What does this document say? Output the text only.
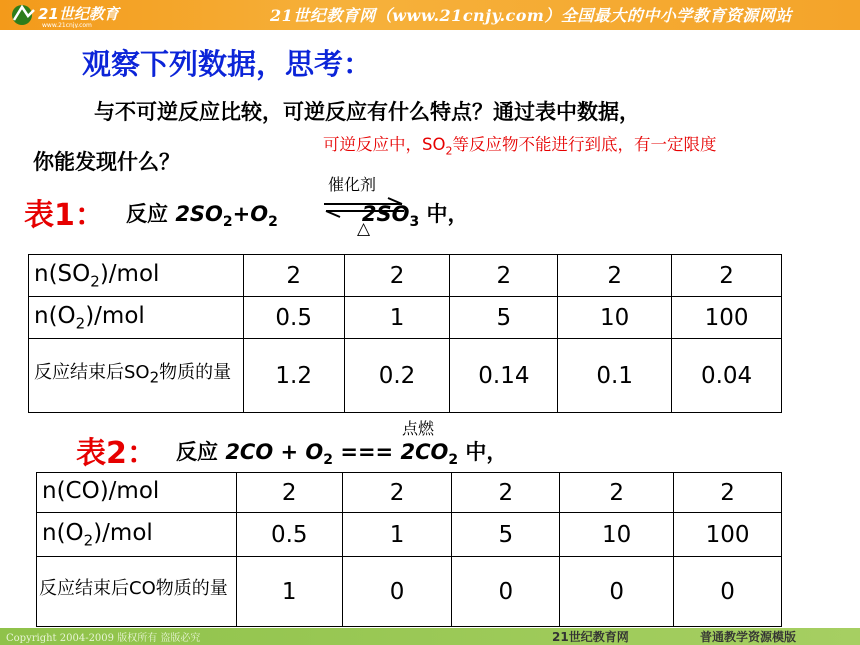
21世纪教育
www.21cnjy.com
21世纪教育网（www.21cnjy.com）全国最大的中小学教育资源网站
观察下列数据，思考：
与不可逆反应比较，可逆反应有什么特点？通过表中数据，
你能发现什么？
可逆反应中，$SO_2$等反应物不能进行到底，有一定限度
表1：
催化剂
反应 $2SO_2+O_2$	$2SO_3$ 中，
△
$n(SO_2)$/mol	2	2	2	2	2
$n(O_2)$/mol	0.5	1	5	10	100
反应结束后$SO_2$物质的量	1.2	0.2	0.14	0.1	0.04
表2：
点燃
反应 $2CO + O_2$ === $2CO_2$ 中，
n(CO)/mol	2	2	2	2	2
$n(O_2)$/mol	0.5	1	5	10	100
反应结束后CO物质的量	1	0	0	0	0
Copyright 2004-2009 版权所有 盗版必究	21世纪教育网	普通教学资源模版
